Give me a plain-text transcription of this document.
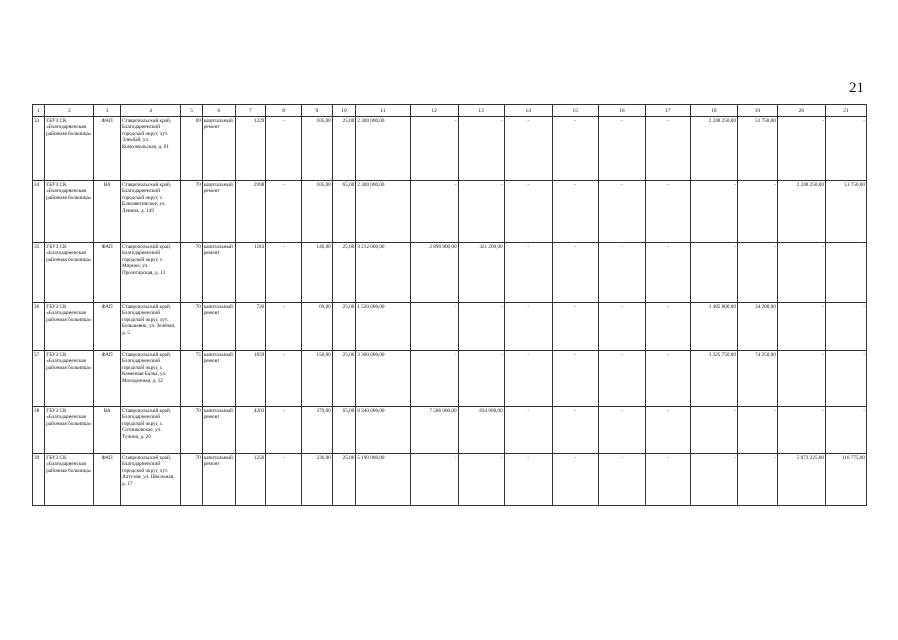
21
1	2	3	4	5	6	7	8	9	10	11	12	13	14	15	16	17	18	19	20	21
33	ГБУЗ СК «Благодарненская районная больница»	ФАП	Ставропольский край, Благодарненский городской округ, хут. Элеьбай, ул. Комсомольская, д. 61	69	капитальный ремонт	1229	-	105,00	25,00	2 300 000,00	-	-	-	-	-	-	2 248 250,00	51 750,00	-	-
34	ГБУЗ СК «Благодарненская районная больница»	ВА	Ставропольский край, Благодарненский городской округ, с. Елизаветинское, ул. Ленина, д. 149	70	капитальный ремонт	2998	-	105,00	65,00	2 300 000,00	-	-	-	-	-	-	-	-	2 248 250,00	51 750,00
35	ГБУЗ СК «Благодарненская районная больница»	ФАП	Ставропольский край, Благодарненский городской округ, с. Мирное, ул. Пролетарская, д. 13	70	капитальный ремонт	1183	-	146,00	25,00	3 212 000,00	2 890 800,00	321 200,00	-	-	-	-	-	-	-	-
36	ГБУЗ СК «Благодарненская районная больница»	ФАП	Ставропольский край, Благодарненский городской округ, хут. Большевик, ул. Зелёная, д. 5	70	капитальный ремонт	726	-	69,00	25,00	1 520 000,00	-	-	-	-	-	-	1 485 800,00	34 200,00	-	-
37	ГБУЗ СК «Благодарненская районная больница»	ФАП	Ставропольский край, Благодарненский городской округ, с. Каменная Балка, ул. Молодежная, д. 32	75	капитальный ремонт	1859	-	150,00	25,00	3 300 000,00	-	-	-	-	-	-	3 225 750,00	74 250,00	-	-
38	ГБУЗ СК «Благодарненская районная больница»	ВА	Ставропольский край, Благодарненский городской округ, с. Сотниковское, ул. Тучина, д. 26	70	капитальный ремонт	4203	-	379,00	65,00	8 340 000,00	7 506 000,00	834 000,00	-	-	-	-	-	-	-	-
39	ГБУЗ СК «Благодарненская районная больница»	ФАП	Ставропольский край, Благодарненский городской округ, хут. Алтухов, ул. Школьная, д. 17	70	капитальный ремонт	1256	-	236,00	25,00	5 190 000,00	-	-	-	-	-	-	-	-	5 073 225,00	116 775,00
